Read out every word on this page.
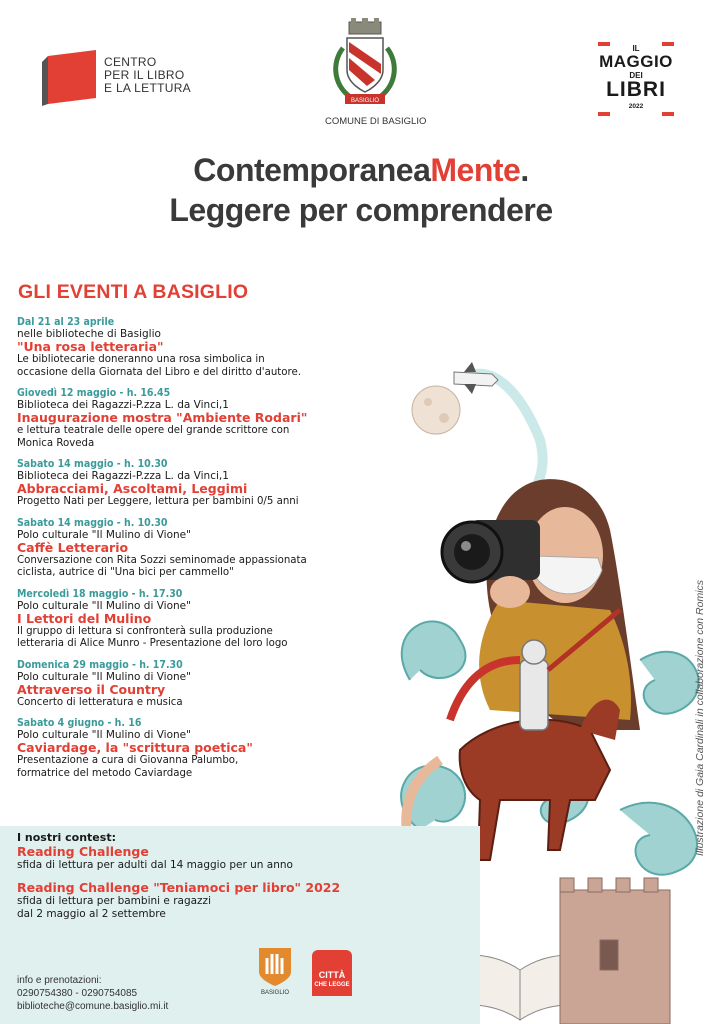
CENTRO
PER IL LIBRO
E LA LETTURA
BASIGLIO
COMUNE DI BASIGLIO
IL
MAGGIO
DEI
LIBRI
2022
ContemporaneaMente.
Leggere per comprendere
GLI EVENTI A BASIGLIO
Dal 21 al 23 aprile
nelle biblioteche di Basiglio
"Una rosa letteraria"
Le bibliotecarie doneranno una rosa simbolica in
occasione della Giornata del Libro e del diritto d'autore.
Giovedì 12 maggio - h. 16.45
Biblioteca dei Ragazzi-P.zza L. da Vinci,1
Inaugurazione mostra "Ambiente Rodari"
e lettura teatrale delle opere del grande scrittore con
Monica Roveda
Sabato 14 maggio - h. 10.30
Biblioteca dei Ragazzi-P.zza L. da Vinci,1
Abbracciami, Ascoltami, Leggimi
Progetto Nati per Leggere, lettura per bambini 0/5 anni
Sabato 14 maggio - h. 10.30
Polo culturale "Il Mulino di Vione"
Caffè Letterario
Conversazione con Rita Sozzi seminomade appassionata
ciclista, autrice di "Una bici per cammello"
Mercoledì 18 maggio - h. 17.30
Polo culturale "Il Mulino di Vione"
I Lettori del Mulino
Il gruppo di lettura si confronterà sulla produzione
letteraria di Alice Munro - Presentazione del loro logo
Domenica 29 maggio - h. 17.30
Polo culturale "Il Mulino di Vione"
Attraverso il Country
Concerto di letteratura e musica
Sabato 4 giugno - h. 16
Polo culturale "Il Mulino di Vione"
Caviardage, la "scrittura poetica"
Presentazione a cura di Giovanna Palumbo,
formatrice del metodo Caviardage
I nostri contest:
Reading Challenge
sfida di lettura per adulti dal 14 maggio per un anno
Reading Challenge "Teniamoci per libro" 2022
sfida di lettura per bambini e ragazzi
dal 2 maggio al 2 settembre
info e prenotazioni:
0290754380 - 0290754085
biblioteche@comune.basiglio.mi.it
BASIGLIO
CITTÀ
CHE LEGGE
Illustrazione di Gaia Cardinali in collaborazione con Romics
